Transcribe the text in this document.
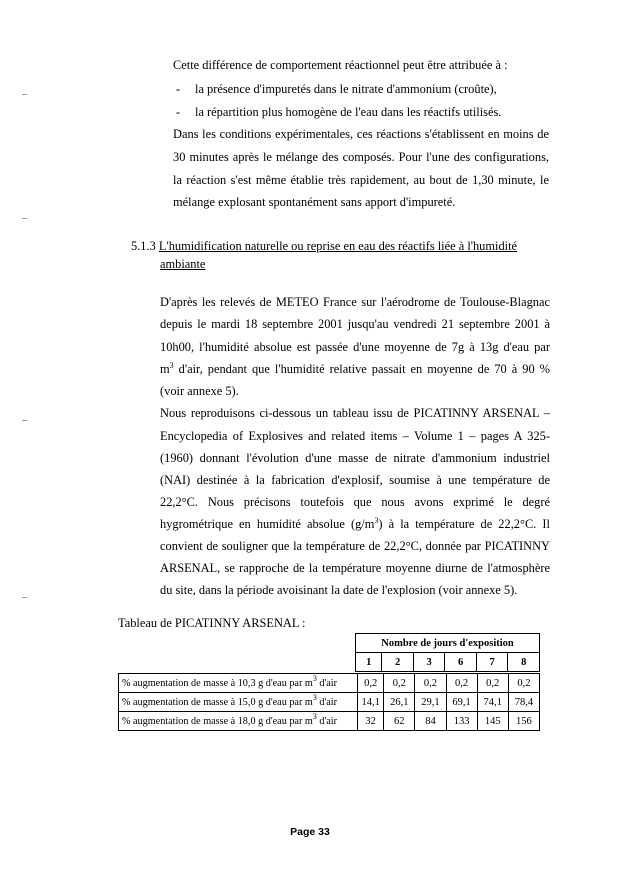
Cette différence de comportement réactionnel peut être attribuée à :
- la présence d'impuretés dans le nitrate d'ammonium (croûte),
- la répartition plus homogène de l'eau dans les réactifs utilisés.
Dans les conditions expérimentales, ces réactions s'établissent en moins de
30 minutes après le mélange des composés. Pour l'une des configurations,
la réaction s'est même établie très rapidement, au bout de 1,30 minute, le
mélange explosant spontanément sans apport d'impureté.
5.1.3 L'humidification naturelle ou reprise en eau des réactifs liée à l'humidité
ambiante
D'après les relevés de METEO France sur l'aérodrome de Toulouse-Blagnac
depuis le mardi 18 septembre 2001 jusqu'au vendredi 21 septembre 2001 à
10h00, l'humidité absolue est passée d'une moyenne de 7g à 13g d'eau par
$m^3$ d'air, pendant que l'humidité relative passait en moyenne de 70 à 90 %
(voir annexe 5).
Nous reproduisons ci-dessous un tableau issu de PICATINNY ARSENAL –
Encyclopedia of Explosives and related items – Volume 1 – pages A 325-
(1960) donnant l'évolution d'une masse de nitrate d'ammonium industriel
(NAI) destinée à la fabrication d'explosif, soumise à une température de
22,2°C. Nous précisons toutefois que nous avons exprimé le degré
hygrométrique en humidité absolue $(g/m^3)$ à la température de 22,2°C. Il
convient de souligner que la température de 22,2°C, donnée par PICATINNY
ARSENAL, se rapproche de la température moyenne diurne de l'atmosphère
du site, dans la période avoisinant la date de l'explosion (voir annexe 5).
Tableau de PICATINNY ARSENAL :
Nombre de jours d'exposition
1	2	3	6	7	8
% augmentation de masse à 10,3 g d'eau par $m^3$ d'air	0,2	0,2	0,2	0,2	0,2	0,2
% augmentation de masse à 15,0 g d'eau par $m^3$ d'air	14,1	26,1	29,1	69,1	74,1	78,4
% augmentation de masse à 18,0 g d'eau par $m^3$ d'air	32	62	84	133	145	156
Page 33
